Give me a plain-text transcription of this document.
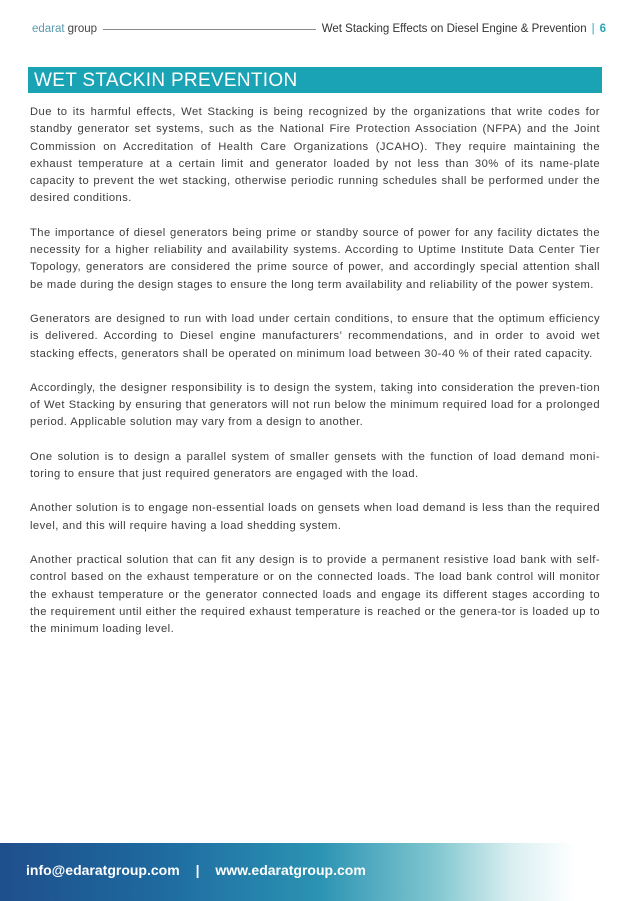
edarat group	Wet Stacking Effects on Diesel Engine & Prevention | 6
WET STACKIN PREVENTION

Due to its harmful effects, Wet Stacking is being recognized by the organizations that write codes for standby generator set systems, such as the National Fire Protection Association (NFPA) and the Joint Commission on Accreditation of Health Care Organizations (JCAHO). They require maintaining the exhaust temperature at a certain limit and generator loaded by not less than 30% of its name-plate capacity to prevent the wet stacking, otherwise periodic running schedules shall be performed under the desired conditions.

The importance of diesel generators being prime or standby source of power for any facility dictates the necessity for a higher reliability and availability systems. According to Uptime Institute Data Center Tier Topology, generators are considered the prime source of power, and accordingly special attention shall be made during the design stages to ensure the long term availability and reliability of the power system.

Generators are designed to run with load under certain conditions, to ensure that the optimum efficiency is delivered. According to Diesel engine manufacturers’ recommendations, and in order to avoid wet stacking effects, generators shall be operated on minimum load between 30-40 % of their rated capacity.

Accordingly, the designer responsibility is to design the system, taking into consideration the preven-tion of Wet Stacking by ensuring that generators will not run below the minimum required load for a prolonged period. Applicable solution may vary from a design to another.

One solution is to design a parallel system of smaller gensets with the function of load demand moni-toring to ensure that just required generators are engaged with the load.

Another solution is to engage non-essential loads on gensets when load demand is less than the required level, and this will require having a load shedding system.

Another practical solution that can fit any design is to provide a permanent resistive load bank with self-control based on the exhaust temperature or on the connected loads. The load bank control will monitor the exhaust temperature or the generator connected loads and engage its different stages according to the requirement until either the required exhaust temperature is reached or the genera-tor is loaded up to the minimum loading level.

info@edaratgroup.com | www.edaratgroup.com
